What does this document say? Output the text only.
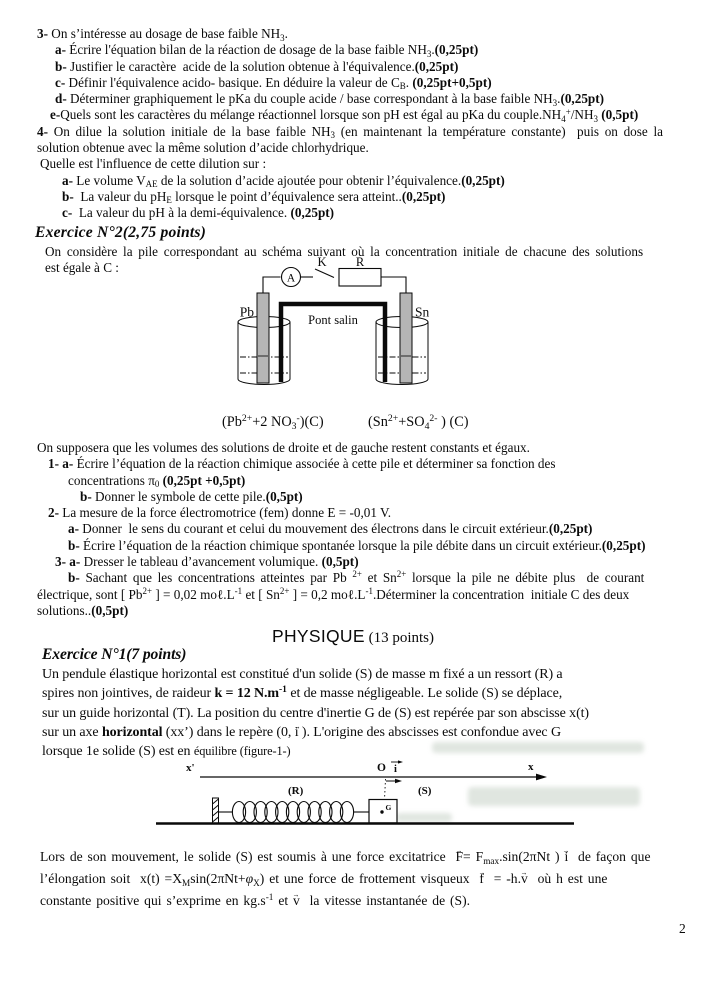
3- On s’intéresse au dosage de base faible NH3.
a- Écrire l'équation bilan de la réaction de dosage de la base faible NH3.(0,25pt)
b- Justifier le caractère  acide de la solution obtenue à l'équivalence.(0,25pt)
c- Définir l'équivalence acido- basique. En déduire la valeur de CB. (0,25pt+0,5pt)
d- Déterminer graphiquement le pKa du couple acide / base correspondant à la base faible NH3.(0,25pt)
e-Quels sont les caractères du mélange réactionnel lorsque son pH est égal au pKa du couple.NH4+/NH3 (0,5pt)
4- On dilue la solution initiale de la base faible NH3 (en maintenant la température constante)  puis on dose la
solution obtenue avec la même solution d’acide chlorhydrique.
Quelle est l'influence de cette dilution sur :
a- Le volume VAE de la solution d’acide ajoutée pour obtenir l’équivalence.(0,25pt)
b-  La valeur du pHE lorsque le point d’équivalence sera atteint..(0,25pt)
c-  La valeur du pH à la demi-équivalence. (0,25pt)
Exercice N°2(2,75 points)
On considère la pile correspondant au schéma suivant où la concentration initiale de chacune des solutions
est égale à C :
A
K R
Pb	Sn
Pont salin
($Pb^{2+}+2$ NO3-)(C)	($Sn^{2+}+SO4^{2-}$ ) (C)
On supposera que les volumes des solutions de droite et de gauche restent constants et égaux.
1- a- Écrire l’équation de la réaction chimique associée à cette pile et déterminer sa fonction des
concentrations π0 (0,25pt +0,5pt)
b- Donner le symbole de cette pile.(0,5pt)
2- La mesure de la force électromotrice (fem) donne E = -0,01 V.
a- Donner  le sens du courant et celui du mouvement des électrons dans le circuit extérieur.(0,25pt)
b- Écrire l’équation de la réaction chimique spontanée lorsque la pile débite dans un circuit extérieur.(0,25pt)
3- a- Dresser le tableau d’avancement volumique. (0,5pt)
b- Sachant que les concentrations atteintes par Pb $^{2+}$ et $Sn^{2+}$ lorsque la pile ne débite plus  de courant
électrique, sont [ $Pb^{2+}$ ] = 0,02 $mo\ell.L^{-1}$ et [ $Sn^{2+}$ ] = 0,2 $mo\ell.L^{-1}.Déterminer$ la concentration  initiale C des deux
solutions..(0,5pt)
PHYSIQUE (13 points)
Exercice N°1(7 points)
Un pendule élastique horizontal est constitué d'un solide (S) de masse m fixé a un ressort (R) a
spires non jointives, de raideur k = 12 $N.m^{-1}$ et de masse négligeable. Le solide (S) se déplace,
sur un guide horizontal (T). La position du centre d'inertie G de (S) est repérée par son abscisse x(t)
sur un axe horizontal (xx’) dans le repère (0, → i ). L'origine des abscisses est confondue avec G
lorsque 1e solide (S) est en équilibre (figure-1-)
x'	x
O i
(R)	(S)
G
Lors de son mouvement, le solide (S) est soumis à une force excitatrice  → F= Fmax.sin(2πNt ) → i  de façon que
l’élongation soit  x(t) =XMsin(2πNt+φX) et une force de frottement visqueux  → f  = -h.→ v  où h est une
constante positive qui s’exprime en $kg.s^{-1}$ et → v  la vitesse instantanée de (S).
2
